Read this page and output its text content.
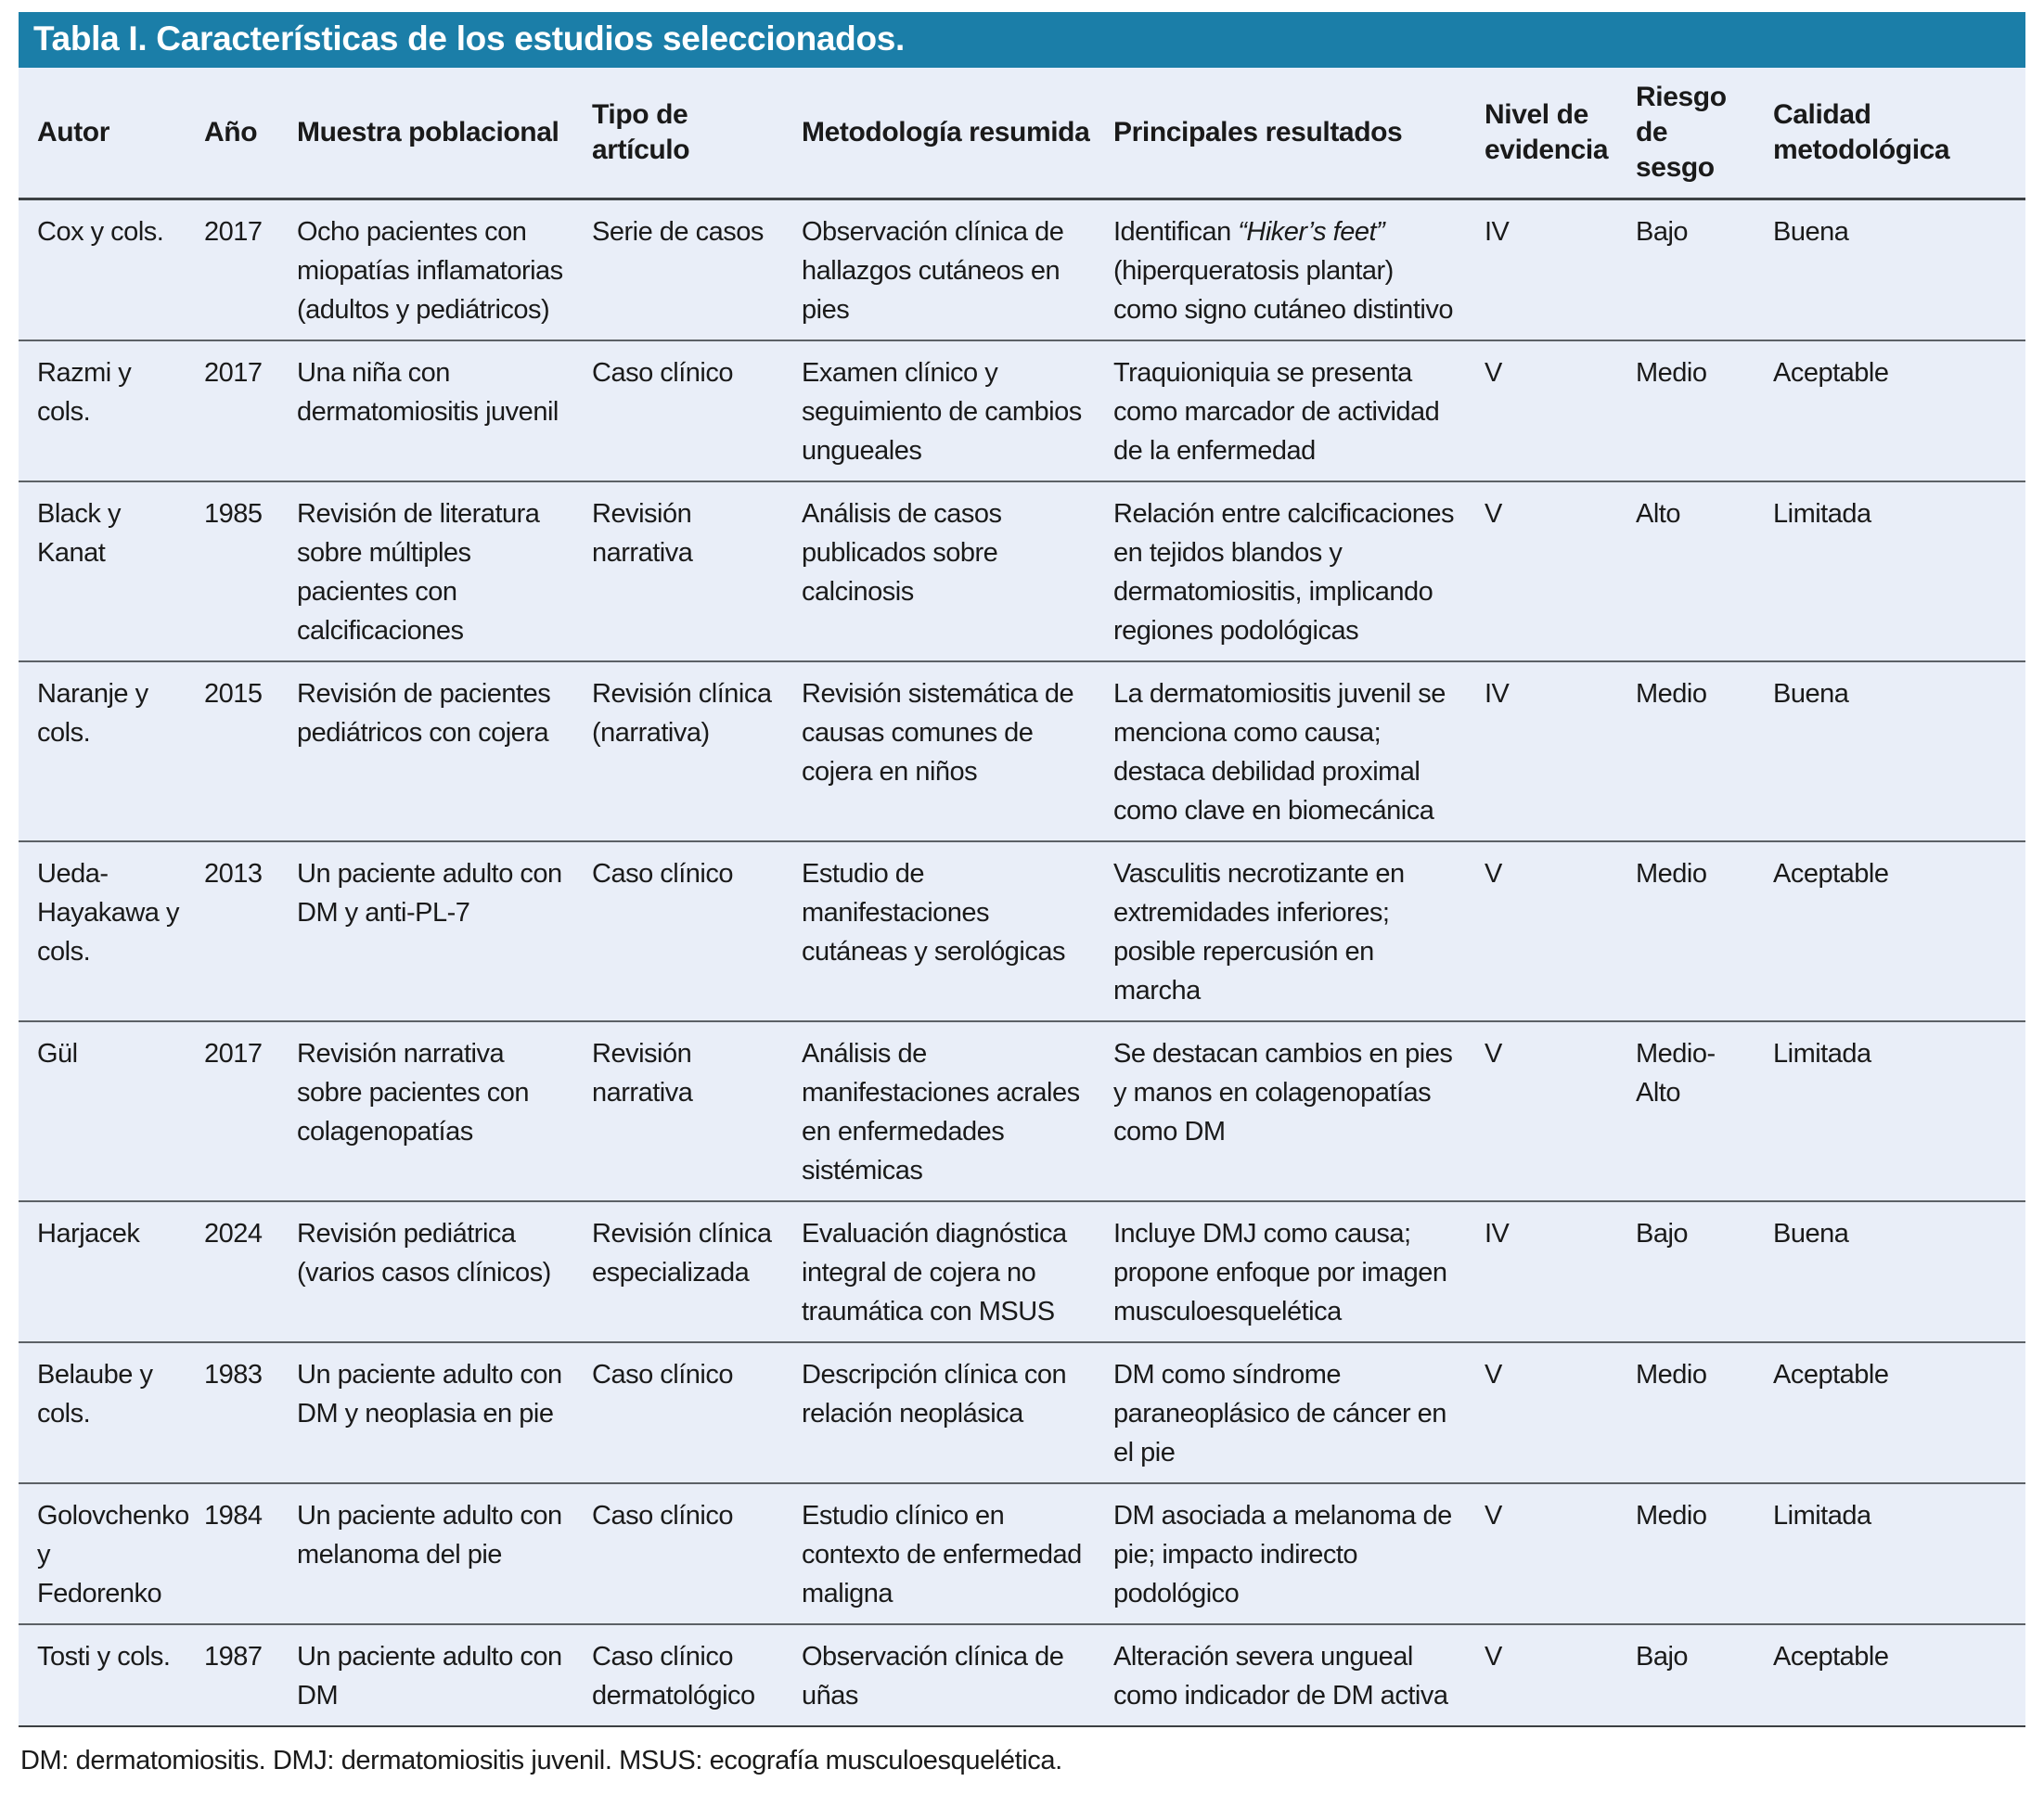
Tabla I. Características de los estudios seleccionados.
Autor	Año	Muestra poblacional	Tipo de artículo	Metodología resumida	Principales resultados	Nivel de evidencia	Riesgo de sesgo	Calidad metodológica
Cox y cols.	2017	Ocho pacientes con miopatías inflamatorias (adultos y pediátricos)	Serie de casos	Observación clínica de hallazgos cutáneos en pies	Identifican “Hiker’s feet” (hiperqueratosis plantar) como signo cutáneo distintivo	IV	Bajo	Buena
Razmi y cols.	2017	Una niña con dermatomiositis juvenil	Caso clínico	Examen clínico y seguimiento de cambios ungueales	Traquioniquia se presenta como marcador de actividad de la enfermedad	V	Medio	Aceptable
Black y Kanat	1985	Revisión de literatura sobre múltiples pacientes con calcificaciones	Revisión narrativa	Análisis de casos publicados sobre calcinosis	Relación entre calcificaciones en tejidos blandos y dermatomiositis, implicando regiones podológicas	V	Alto	Limitada
Naranje y cols.	2015	Revisión de pacientes pediátricos con cojera	Revisión clínica (narrativa)	Revisión sistemática de causas comunes de cojera en niños	La dermatomiositis juvenil se menciona como causa; destaca debilidad proximal como clave en biomecánica	IV	Medio	Buena
Ueda-Hayakawa y cols.	2013	Un paciente adulto con DM y anti-PL-7	Caso clínico	Estudio de manifestaciones cutáneas y serológicas	Vasculitis necrotizante en extremidades inferiores; posible repercusión en marcha	V	Medio	Aceptable
Gül	2017	Revisión narrativa sobre pacientes con colagenopatías	Revisión narrativa	Análisis de manifestaciones acrales en enfermedades sistémicas	Se destacan cambios en pies y manos en colagenopatías como DM	V	Medio-Alto	Limitada
Harjacek	2024	Revisión pediátrica (varios casos clínicos)	Revisión clínica especializada	Evaluación diagnóstica integral de cojera no traumática con MSUS	Incluye DMJ como causa; propone enfoque por imagen musculoesquelética	IV	Bajo	Buena
Belaube y cols.	1983	Un paciente adulto con DM y neoplasia en pie	Caso clínico	Descripción clínica con relación neoplásica	DM como síndrome paraneoplásico de cáncer en el pie	V	Medio	Aceptable
Golovchenko y Fedorenko	1984	Un paciente adulto con melanoma del pie	Caso clínico	Estudio clínico en contexto de enfermedad maligna	DM asociada a melanoma de pie; impacto indirecto podológico	V	Medio	Limitada
Tosti y cols.	1987	Un paciente adulto con DM	Caso clínico dermatológico	Observación clínica de uñas	Alteración severa ungueal como indicador de DM activa	V	Bajo	Aceptable
DM: dermatomiositis. DMJ: dermatomiositis juvenil. MSUS: ecografía musculoesquelética.
